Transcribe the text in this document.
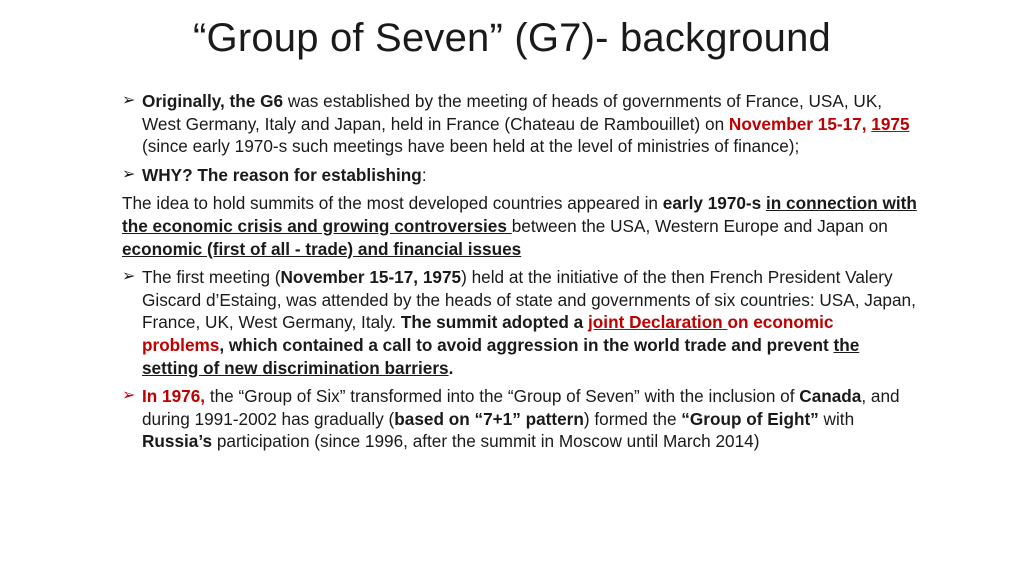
“Group of Seven” (G7)- background
➢ Originally, the G6 was established by the meeting of heads of governments of France, USA, UK, West Germany, Italy and Japan, held in France (Chateau de Rambouillet) on November 15-17, 1975 (since early 1970-s such meetings have been held at the level of ministries of finance);
➢ WHY? The reason for establishing:
The idea to hold summits of the most developed countries appeared in early 1970-s in connection with the economic crisis and growing controversies between the USA, Western Europe and Japan on economic (first of all - trade) and financial issues
➢ The first meeting (November 15-17, 1975) held at the initiative of the then French President Valery Giscard d’Estaing, was attended by the heads of state and governments of six countries: USA, Japan, France, UK, West Germany, Italy. The summit adopted a joint Declaration on economic problems, which contained a call to avoid aggression in the world trade and prevent the setting of new discrimination barriers.
➢ In 1976, the “Group of Six” transformed into the “Group of Seven” with the inclusion of Canada, and during 1991-2002 has gradually (based on “7+1” pattern) formed the “Group of Eight” with Russia’s participation (since 1996, after the summit in Moscow until March 2014)
